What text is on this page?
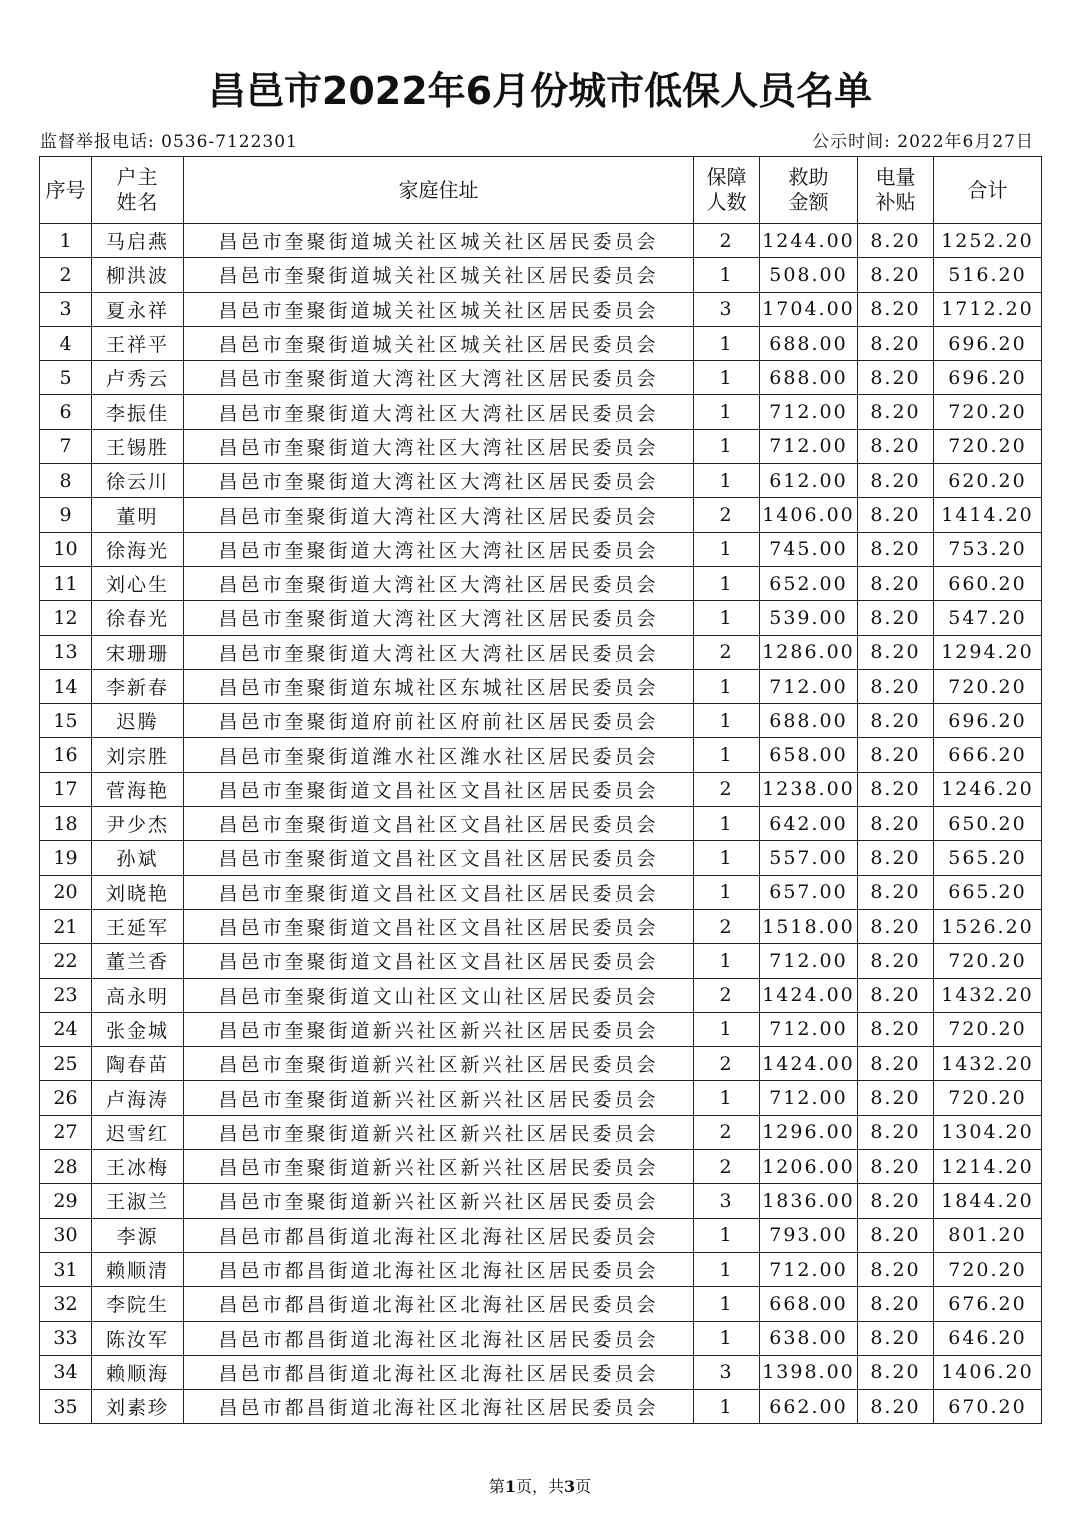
昌邑市2022年6月份城市低保人员名单
监督举报电话: 0536-7122301	公示时间: 2022年6月27日
序号	户主姓名	家庭住址	保障人数	救助金额	电量补贴	合计
1	马启燕	昌邑市奎聚街道城关社区城关社区居民委员会	2	1244.00	8.20	1252.20
2	柳洪波	昌邑市奎聚街道城关社区城关社区居民委员会	1	508.00	8.20	516.20
3	夏永祥	昌邑市奎聚街道城关社区城关社区居民委员会	3	1704.00	8.20	1712.20
4	王祥平	昌邑市奎聚街道城关社区城关社区居民委员会	1	688.00	8.20	696.20
5	卢秀云	昌邑市奎聚街道大湾社区大湾社区居民委员会	1	688.00	8.20	696.20
6	李振佳	昌邑市奎聚街道大湾社区大湾社区居民委员会	1	712.00	8.20	720.20
7	王锡胜	昌邑市奎聚街道大湾社区大湾社区居民委员会	1	712.00	8.20	720.20
8	徐云川	昌邑市奎聚街道大湾社区大湾社区居民委员会	1	612.00	8.20	620.20
9	董明	昌邑市奎聚街道大湾社区大湾社区居民委员会	2	1406.00	8.20	1414.20
10	徐海光	昌邑市奎聚街道大湾社区大湾社区居民委员会	1	745.00	8.20	753.20
11	刘心生	昌邑市奎聚街道大湾社区大湾社区居民委员会	1	652.00	8.20	660.20
12	徐春光	昌邑市奎聚街道大湾社区大湾社区居民委员会	1	539.00	8.20	547.20
13	宋珊珊	昌邑市奎聚街道大湾社区大湾社区居民委员会	2	1286.00	8.20	1294.20
14	李新春	昌邑市奎聚街道东城社区东城社区居民委员会	1	712.00	8.20	720.20
15	迟腾	昌邑市奎聚街道府前社区府前社区居民委员会	1	688.00	8.20	696.20
16	刘宗胜	昌邑市奎聚街道潍水社区潍水社区居民委员会	1	658.00	8.20	666.20
17	菅海艳	昌邑市奎聚街道文昌社区文昌社区居民委员会	2	1238.00	8.20	1246.20
18	尹少杰	昌邑市奎聚街道文昌社区文昌社区居民委员会	1	642.00	8.20	650.20
19	孙斌	昌邑市奎聚街道文昌社区文昌社区居民委员会	1	557.00	8.20	565.20
20	刘晓艳	昌邑市奎聚街道文昌社区文昌社区居民委员会	1	657.00	8.20	665.20
21	王延军	昌邑市奎聚街道文昌社区文昌社区居民委员会	2	1518.00	8.20	1526.20
22	董兰香	昌邑市奎聚街道文昌社区文昌社区居民委员会	1	712.00	8.20	720.20
23	高永明	昌邑市奎聚街道文山社区文山社区居民委员会	2	1424.00	8.20	1432.20
24	张金城	昌邑市奎聚街道新兴社区新兴社区居民委员会	1	712.00	8.20	720.20
25	陶春苗	昌邑市奎聚街道新兴社区新兴社区居民委员会	2	1424.00	8.20	1432.20
26	卢海涛	昌邑市奎聚街道新兴社区新兴社区居民委员会	1	712.00	8.20	720.20
27	迟雪红	昌邑市奎聚街道新兴社区新兴社区居民委员会	2	1296.00	8.20	1304.20
28	王冰梅	昌邑市奎聚街道新兴社区新兴社区居民委员会	2	1206.00	8.20	1214.20
29	王淑兰	昌邑市奎聚街道新兴社区新兴社区居民委员会	3	1836.00	8.20	1844.20
30	李源	昌邑市都昌街道北海社区北海社区居民委员会	1	793.00	8.20	801.20
31	赖顺清	昌邑市都昌街道北海社区北海社区居民委员会	1	712.00	8.20	720.20
32	李院生	昌邑市都昌街道北海社区北海社区居民委员会	1	668.00	8.20	676.20
33	陈汝军	昌邑市都昌街道北海社区北海社区居民委员会	1	638.00	8.20	646.20
34	赖顺海	昌邑市都昌街道北海社区北海社区居民委员会	3	1398.00	8.20	1406.20
35	刘素珍	昌邑市都昌街道北海社区北海社区居民委员会	1	662.00	8.20	670.20
第1页，共3页
